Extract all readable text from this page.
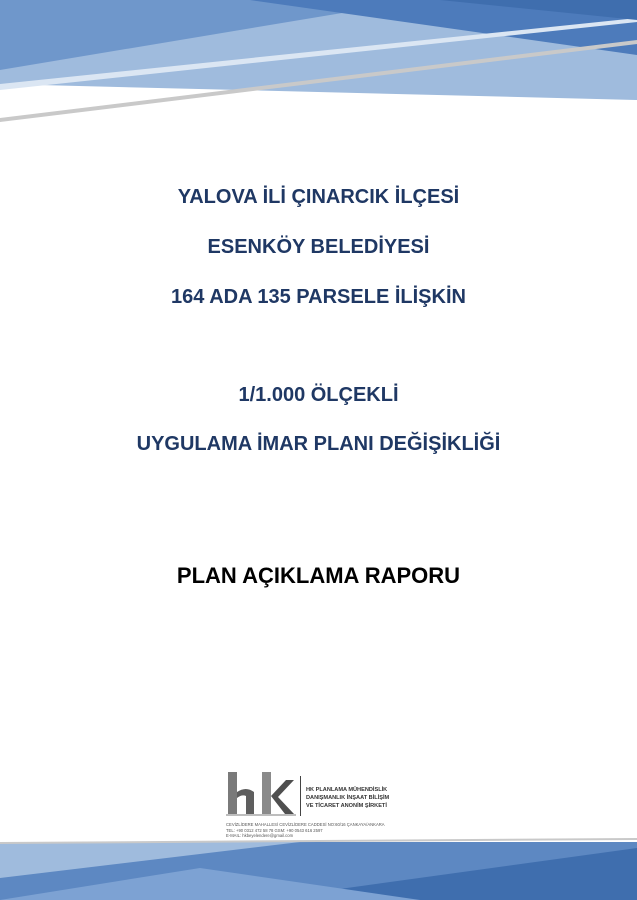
YALOVA İLİ ÇINARCIK İLÇESİ
ESENKÖY BELEDİYESİ
164 ADA 135 PARSELE İLİŞKİN
1/1.000 ÖLÇEKLİ
UYGULAMA İMAR PLANI DEĞİŞİKLİĞİ
PLAN AÇIKLAMA RAPORU
HK PLANLAMA MÜHENDİSLİK
DANIŞMANLIK İNŞAAT BİLİŞİM
VE TİCARET ANONİM ŞİRKETİ
CEVİZLİDERE MAHALLESİ CEVİZLİDERE CADDESİ NO:60/16 ÇANKAYA/ANKARA
TEL: +90 0312 472 58 78 GSM: +90 0543 616 2597
E-MAIL: hkbeyelendere@gmail.com
